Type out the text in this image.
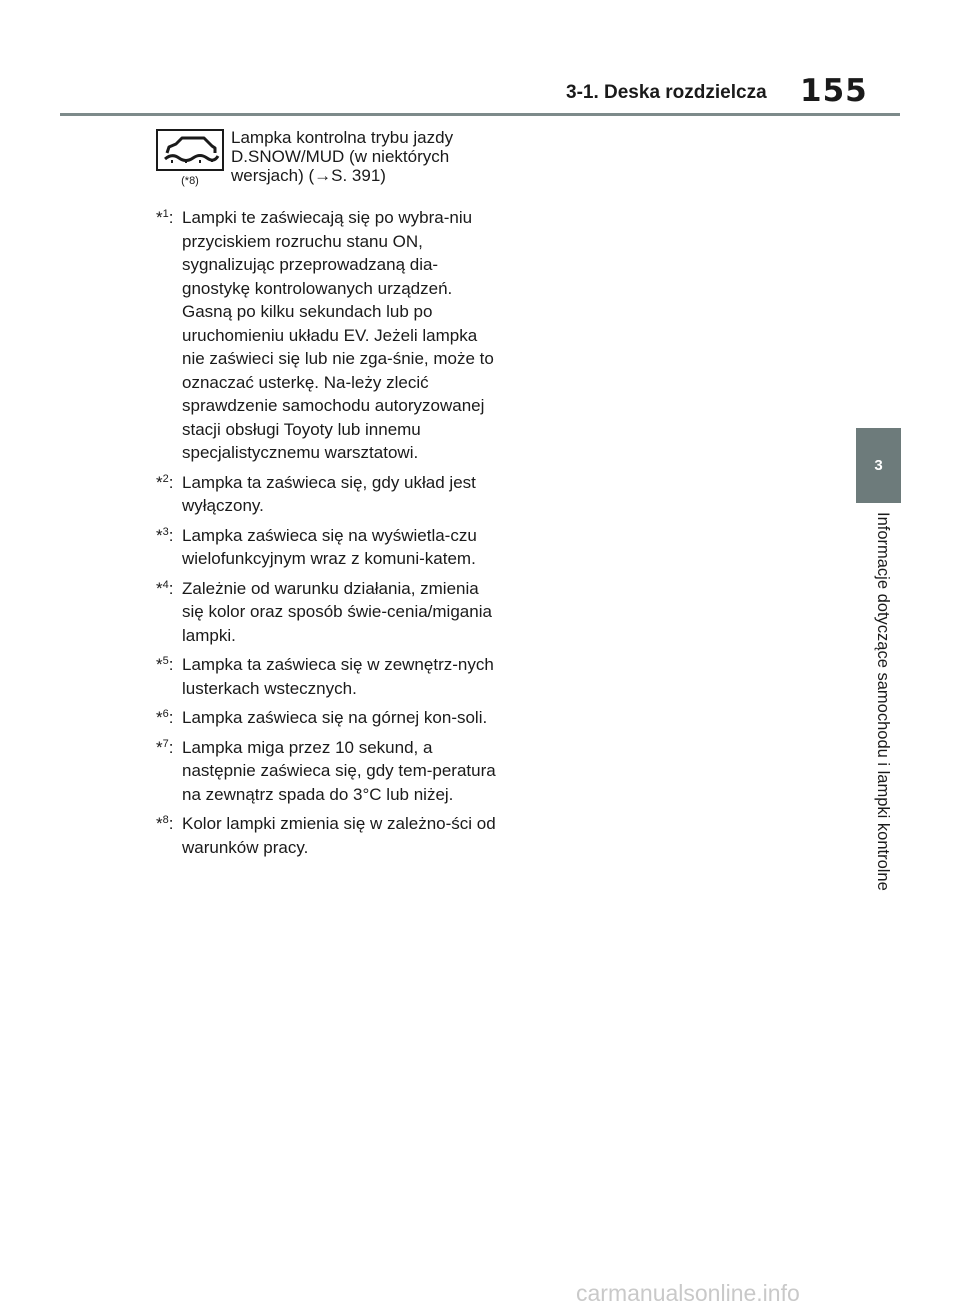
3-1. Deska rozdzielcza 155
3
Informacje dotyczące samochodu i lampki kontrolne
(*8)
Lampka kontrolna trybu jazdy D.SNOW/MUD (w niektórych wersjach) (→S. 391)
*$^1$: Lampki te zaświecają się po wybra-niu przyciskiem rozruchu stanu ON, sygnalizując przeprowadzaną dia-gnostykę kontrolowanych urządzeń. Gasną po kilku sekundach lub po uruchomieniu układu EV. Jeżeli lampka nie zaświeci się lub nie zga-śnie, może to oznaczać usterkę. Na-leży zlecić sprawdzenie samochodu autoryzowanej stacji obsługi Toyoty lub innemu specjalistycznemu warsztatowi.
*$^2$: Lampka ta zaświeca się, gdy układ jest wyłączony.
*$^3$: Lampka zaświeca się na wyświetla-czu wielofunkcyjnym wraz z komuni-katem.
*$^4$: Zależnie od warunku działania, zmienia się kolor oraz sposób świe-cenia/migania lampki.
*$^5$: Lampka ta zaświeca się w zewnętrz-nych lusterkach wstecznych.
*$^6$: Lampka zaświeca się na górnej kon-soli.
*$^7$: Lampka miga przez 10 sekund, a następnie zaświeca się, gdy tem-peratura na zewnątrz spada do 3°C lub niżej.
*$^8$: Kolor lampki zmienia się w zależno-ści od warunków pracy.
carmanualsonline.info
